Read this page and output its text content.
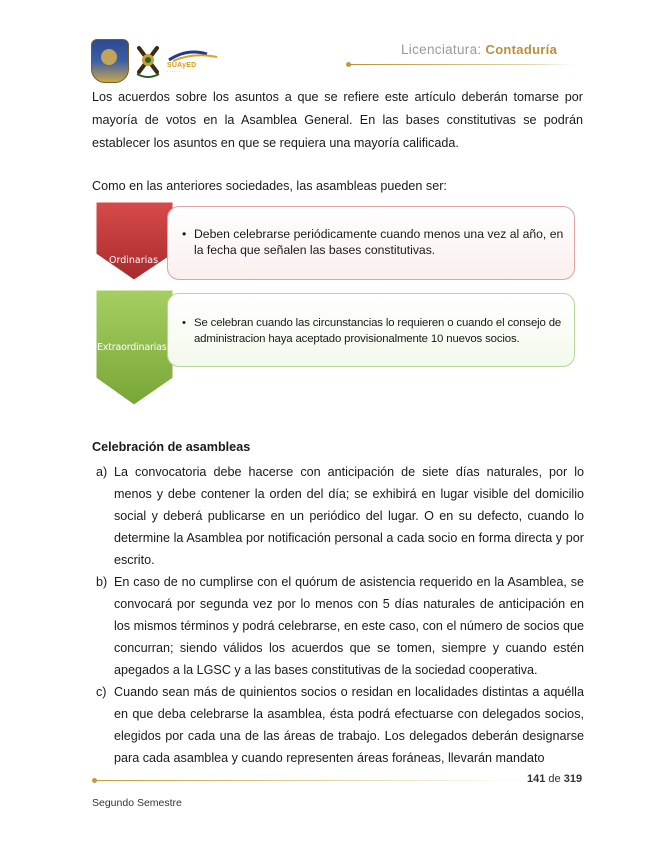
SUAyED
· · · · · ·
Licenciatura: Contaduría
Los acuerdos sobre los asuntos a que se refiere este artículo deberán tomarse por mayoría de votos en la Asamblea General. En las bases constitutivas se podrán establecer los asuntos en que se requiera una mayoría calificada.
Como en las anteriores sociedades, las asambleas pueden ser:
Ordinarias
Extraordinarias
• Deben celebrarse periódicamente cuando menos una vez al año, en la fecha que señalen las bases constitutivas.
• Se celebran cuando las circunstancias lo requieren o cuando el consejo de administracion haya aceptado provisionalmente 10 nuevos socios.
Celebración de asambleas
a) La convocatoria debe hacerse con anticipación de siete días naturales, por lo menos y debe contener la orden del día; se exhibirá en lugar visible del domicilio social y deberá publicarse en un periódico del lugar. O en su defecto, cuando lo determine la Asamblea por notificación personal a cada socio en forma directa y por escrito.
b) En caso de no cumplirse con el quórum de asistencia requerido en la Asamblea, se convocará por segunda vez por lo menos con 5 días naturales de anticipación en los mismos términos y podrá celebrarse, en este caso, con el número de socios que concurran; siendo válidos los acuerdos que se tomen, siempre y cuando estén apegados a la LGSC y a las bases constitutivas de la sociedad cooperativa.
c) Cuando sean más de quinientos socios o residan en localidades distintas a aquélla en que deba celebrarse la asamblea, ésta podrá efectuarse con delegados socios, elegidos por cada una de las áreas de trabajo. Los delegados deberán designarse para cada asamblea y cuando representen áreas foráneas, llevarán mandato
141 de 319
Segundo Semestre
